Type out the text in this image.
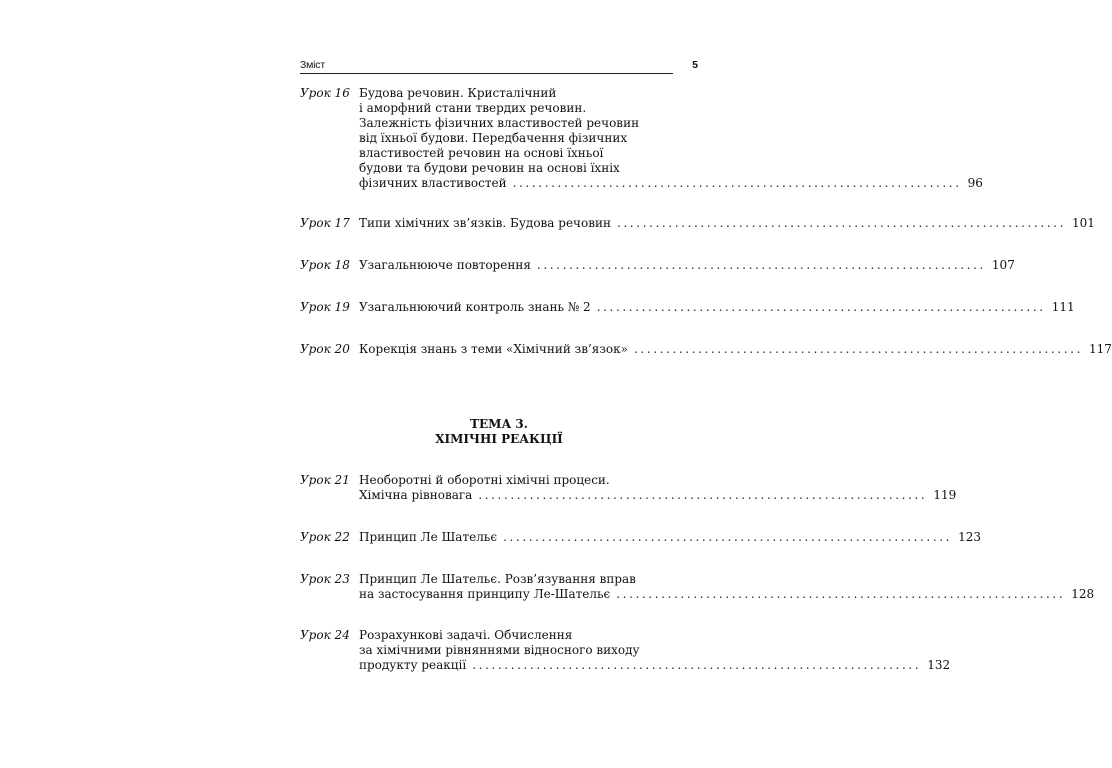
Зміст	5
Урок 16 Будова речовин. Кристалічний
і аморфний стани твердих речовин.
Залежність фізичних властивостей речовин
від їхньої будови. Передбачення фізичних
властивостей речовин на основі їхньої
будови та будови речовин на основі їхніх
фізичних властивостей ...................................................................... 96
Урок 17 Типи хімічних зв’язків. Будова речовин ...................................................................... 101
Урок 18 Узагальнююче повторення ...................................................................... 107
Урок 19 Узагальнюючий контроль знань № 2 ...................................................................... 111
Урок 20 Корекція знань з теми «Хімічний зв’язок» ...................................................................... 117
ТЕМА 3.
ХІМІЧНІ РЕАКЦІЇ
Урок 21 Необоротні й оборотні хімічні процеси.
Хімічна рівновага ...................................................................... 119
Урок 22 Принцип Ле Шательє ...................................................................... 123
Урок 23 Принцип Ле Шательє. Розв’язування вправ
на застосування принципу Ле-Шательє ...................................................................... 128
Урок 24 Розрахункові задачі. Обчислення
за хімічними рівняннями відносного виходу
продукту реакції ...................................................................... 132
